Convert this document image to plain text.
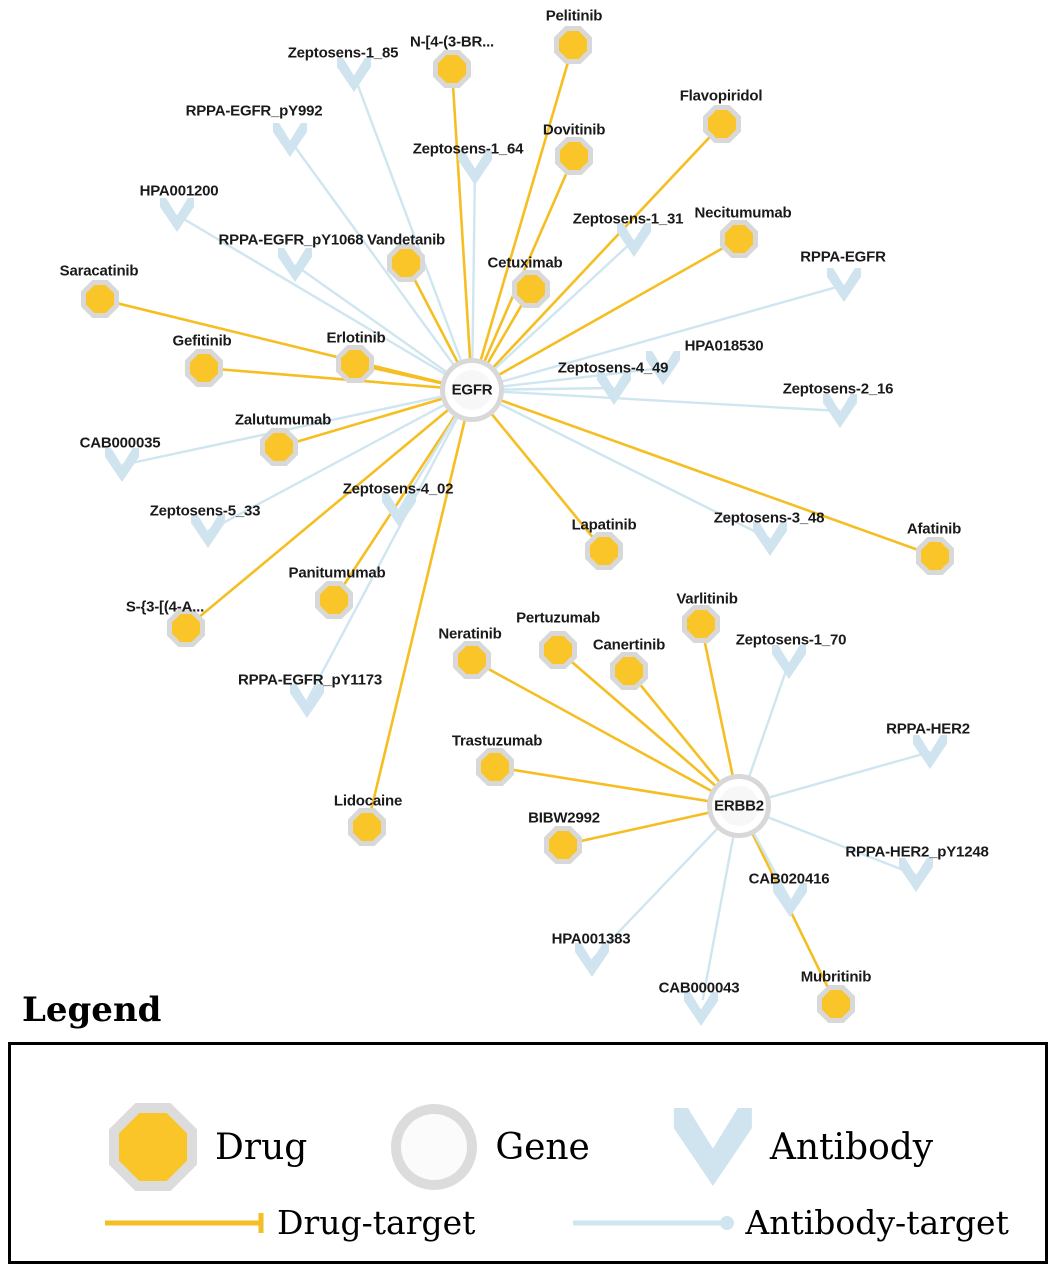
Pelitinib
N-[4-(3-BR...
Flavopiridol
Dovitinib
Necitumumab
Vandetanib
Cetuximab
Saracatinib
Gefitinib	Erlotinib
Zalutumumab
Panitumumab
S-{3-[(4-A...
Lapatinib	Afatinib
Varlitinib
Pertuzumab
Canertinib
Neratinib
Trastuzumab
Lidocaine
BIBW2992
Mubritinib
Zeptosens-1_85
RPPA-EGFR_pY992
Zeptosens-1_64
HPA001200
Zeptosens-1_31
RPPA-EGFR_pY1068
RPPA-EGFR
HPA018530
Zeptosens-4_49
Zeptosens-2_16
CAB000035
Zeptosens-4_02
Zeptosens-5_33	Zeptosens-3_48
RPPA-EGFR_pY1173
Zeptosens-1_70
RPPA-HER2
RPPA-HER2_pY1248
CAB020416
HPA001383
CAB000043
EGFR
ERBB2
Legend
Drug	Gene	Antibody
Drug-target	Antibody-target
